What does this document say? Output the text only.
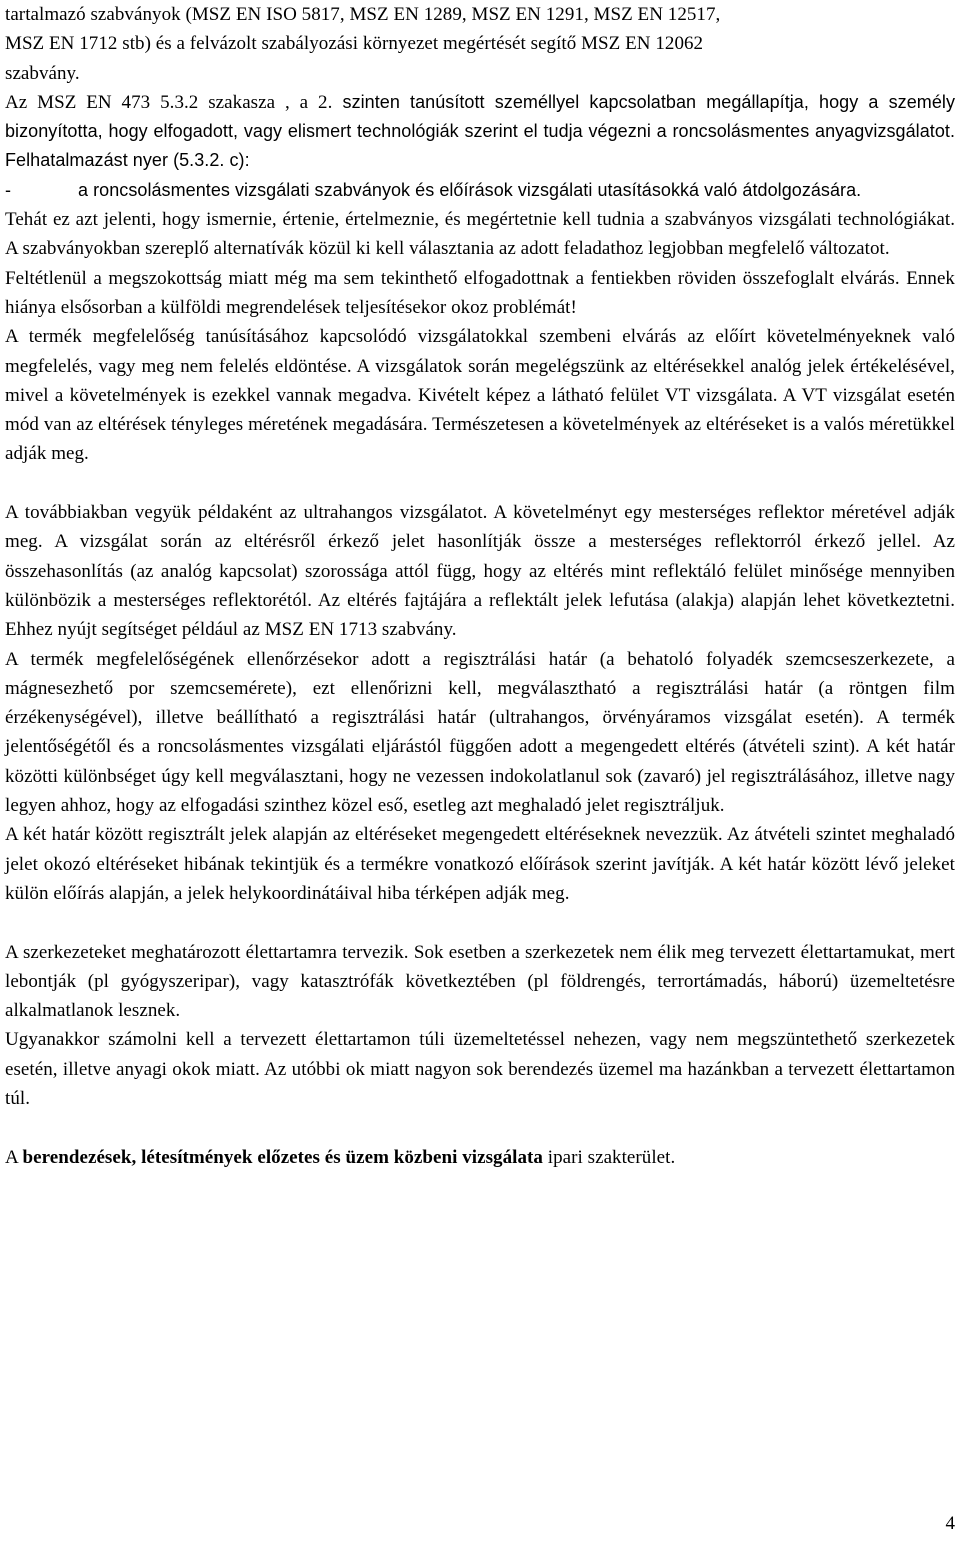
tartalmazó szabványok (MSZ EN ISO 5817, MSZ EN 1289, MSZ EN 1291, MSZ EN 12517,
MSZ EN 1712 stb) és a felvázolt szabályozási környezet megértését segítő MSZ EN 12062
szabvány.

Az MSZ EN 473 5.3.2 szakasza , a 2. szinten tanúsított személlyel kapcsolatban megállapítja, hogy a személy bizonyította, hogy elfogadott, vagy elismert technológiák szerint el tudja végezni a roncsolásmentes anyagvizsgálatot. Felhatalmazást nyer (5.3.2. c):

-	a roncsolásmentes vizsgálati szabványok és előírások vizsgálati utasításokká való átdolgozására.

Tehát ez azt jelenti, hogy ismernie, értenie, értelmeznie, és megértetnie kell tudnia a szabványos vizsgálati technológiákat. A szabványokban szereplő alternatívák közül ki kell választania az adott feladathoz legjobban megfelelő változatot.

Feltétlenül a megszokottság miatt még ma sem tekinthető elfogadottnak a fentiekben röviden összefoglalt elvárás. Ennek hiánya elsősorban a külföldi megrendelések teljesítésekor okoz problémát!

A termék megfelelőség tanúsításához kapcsolódó vizsgálatokkal szembeni elvárás az előírt követelményeknek való megfelelés, vagy meg nem felelés eldöntése. A vizsgálatok során megelégszünk az eltérésekkel analóg jelek értékelésével, mivel a követelmények is ezekkel vannak megadva. Kivételt képez a látható felület VT vizsgálata. A VT vizsgálat esetén mód van az eltérések tényleges méretének megadására. Természetesen a követelmények az eltéréseket is a valós méretükkel adják meg.

A továbbiakban vegyük példaként az ultrahangos vizsgálatot. A követelményt egy mesterséges reflektor méretével adják meg. A vizsgálat során az eltérésről érkező jelet hasonlítják össze a mesterséges reflektorról érkező jellel. Az összehasonlítás (az analóg kapcsolat) szorossága attól függ, hogy az eltérés mint reflektáló felület minősége mennyiben különbözik a mesterséges reflektorétól. Az eltérés fajtájára a reflektált jelek lefutása (alakja) alapján lehet következtetni. Ehhez nyújt segítséget például az MSZ EN 1713 szabvány.

A termék megfelelőségének ellenőrzésekor adott a regisztrálási határ (a behatoló folyadék szemcseszerkezete, a mágnesezhető por szemcsemérete), ezt ellenőrizni kell, megválasztható a regisztrálási határ (a röntgen film érzékenységével), illetve beállítható a regisztrálási határ (ultrahangos, örvényáramos vizsgálat esetén). A termék jelentőségétől és a roncsolásmentes vizsgálati eljárástól függően adott a megengedett eltérés (átvételi szint). A két határ közötti különbséget úgy kell megválasztani, hogy ne vezessen indokolatlanul sok (zavaró) jel regisztrálásához, illetve nagy legyen ahhoz, hogy az elfogadási szinthez közel eső, esetleg azt meghaladó jelet regisztráljuk.

A két határ között regisztrált jelek alapján az eltéréseket megengedett eltéréseknek nevezzük. Az átvételi szintet meghaladó jelet okozó eltéréseket hibának tekintjük és a termékre vonatkozó előírások szerint javítják. A két határ között lévő jeleket külön előírás alapján, a jelek helykoordinátáival hiba térképen adják meg.

A szerkezeteket meghatározott élettartamra tervezik. Sok esetben a szerkezetek nem élik meg tervezett élettartamukat, mert lebontják (pl gyógyszeripar), vagy katasztrófák következtében (pl földrengés, terrortámadás, háború) üzemeltetésre alkalmatlanok lesznek.

Ugyanakkor számolni kell a tervezett élettartamon túli üzemeltetéssel nehezen, vagy nem megszüntethető szerkezetek esetén, illetve anyagi okok miatt. Az utóbbi ok miatt nagyon sok berendezés üzemel ma hazánkban a tervezett élettartamon túl.

A berendezések, létesítmények előzetes és üzem közbeni vizsgálata ipari szakterület.

4
